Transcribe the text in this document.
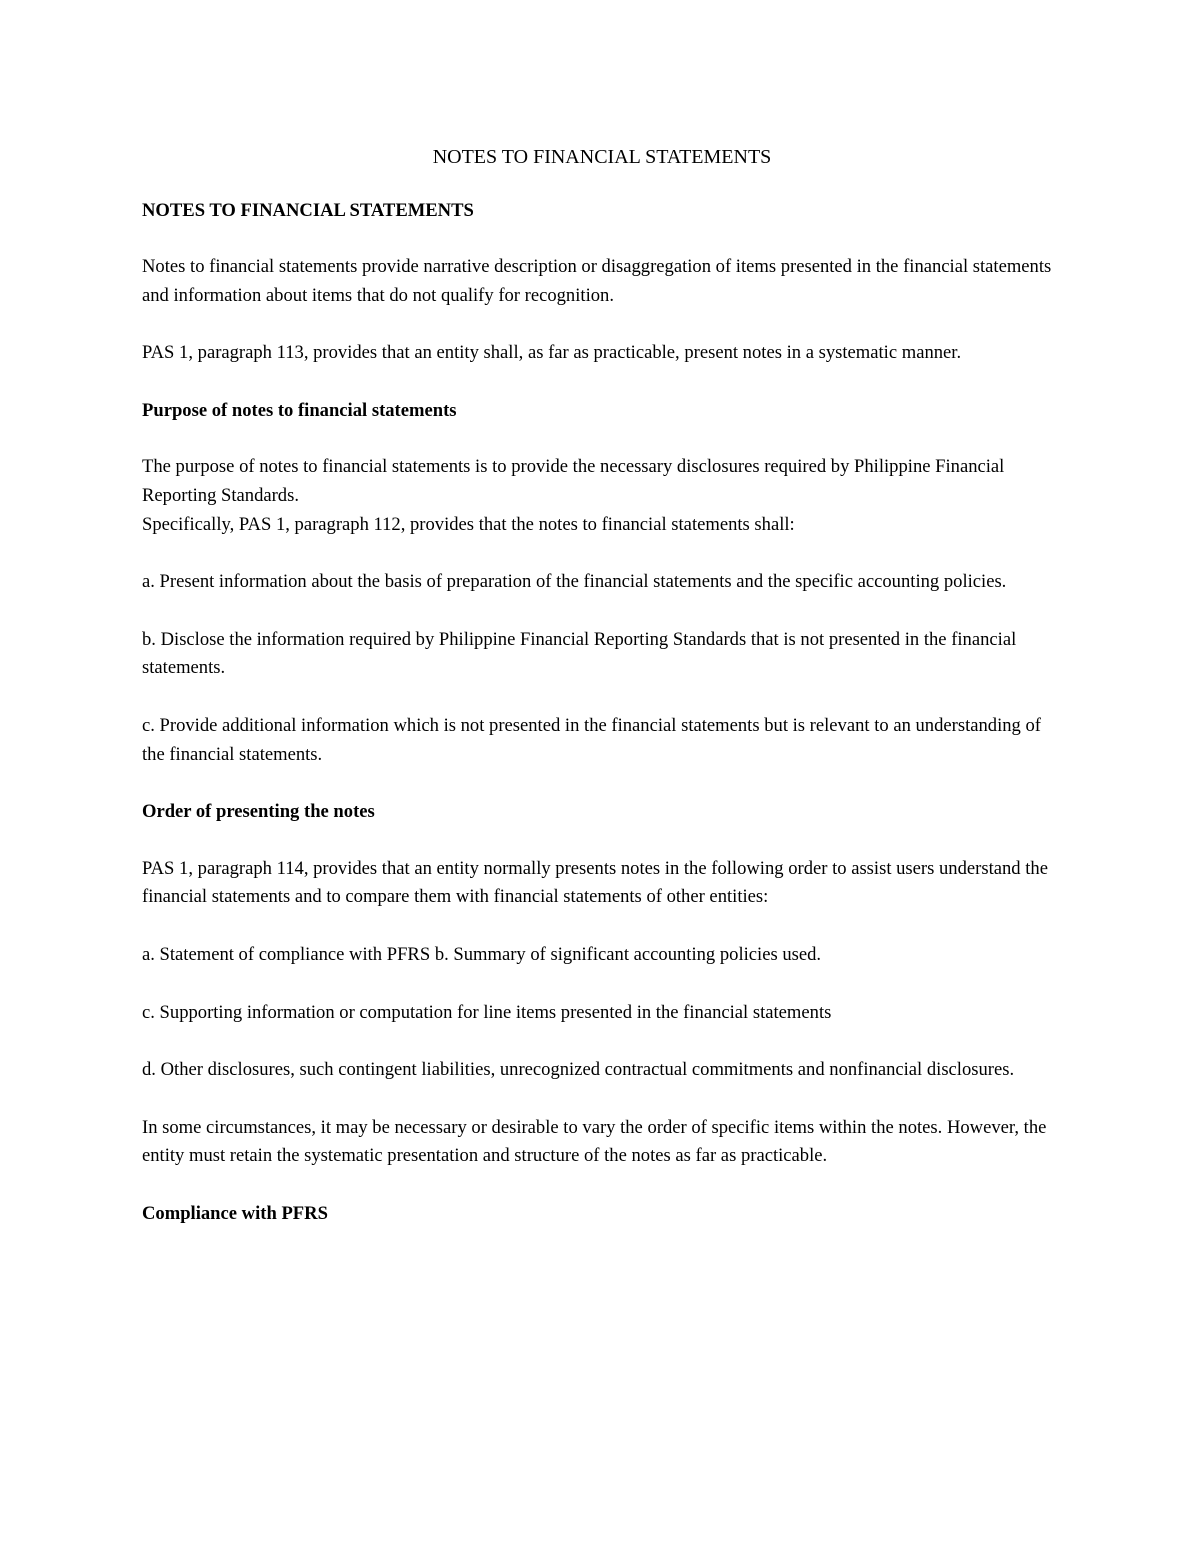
NOTES TO FINANCIAL STATEMENTS
NOTES TO FINANCIAL STATEMENTS

Notes to financial statements provide narrative description or disaggregation of items presented in the financial statements and information about items that do not qualify for recognition.

PAS 1, paragraph 113, provides that an entity shall, as far as practicable, present notes in a systematic manner.

Purpose of notes to financial statements

The purpose of notes to financial statements is to provide the necessary disclosures required by Philippine Financial Reporting Standards.

Specifically, PAS 1, paragraph 112, provides that the notes to financial statements shall:

a. Present information about the basis of preparation of the financial statements and the specific accounting policies.

b. Disclose the information required by Philippine Financial Reporting Standards that is not presented in the financial statements.

c. Provide additional information which is not presented in the financial statements but is relevant to an understanding of the financial statements.

Order of presenting the notes

PAS 1, paragraph 114, provides that an entity normally presents notes in the following order to assist users understand the financial statements and to compare them with financial statements of other entities:

a. Statement of compliance with PFRS b. Summary of significant accounting policies used.

c. Supporting information or computation for line items presented in the financial statements

d. Other disclosures, such contingent liabilities, unrecognized contractual commitments and nonfinancial disclosures.

In some circumstances, it may be necessary or desirable to vary the order of specific items within the notes. However, the entity must retain the systematic presentation and structure of the notes as far as practicable.

Compliance with PFRS
